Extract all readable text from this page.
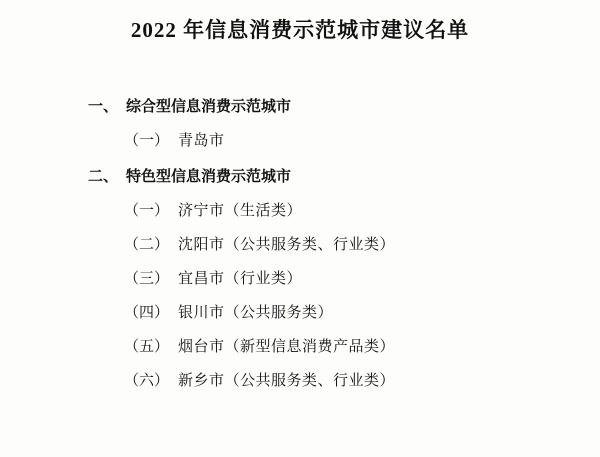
2022 年信息消费示范城市建议名单
一、 综合型信息消费示范城市
（一） 青岛市
二、 特色型信息消费示范城市
（一） 济宁市（生活类）
（二） 沈阳市（公共服务类、行业类）
（三） 宜昌市（行业类）
（四） 银川市（公共服务类）
（五） 烟台市（新型信息消费产品类）
（六） 新乡市（公共服务类、行业类）
